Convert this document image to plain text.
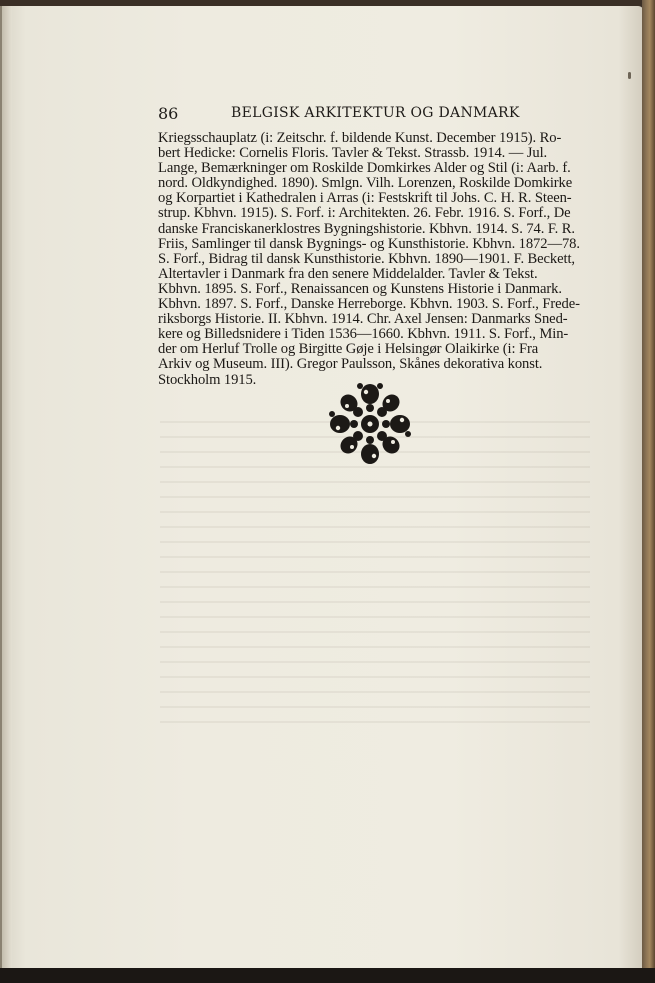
86	BELGISK ARKITEKTUR OG DANMARK

Kriegsschauplatz (i: Zeitschr. f. bildende Kunst. December 1915). Ro-

bert Hedicke: Cornelis Floris. Tavler & Tekst. Strassb. 1914. — Jul.

Lange, Bemærkninger om Roskilde Domkirkes Alder og Stil (i: Aarb. f.

nord. Oldkyndighed. 1890). Smlgn. Vilh. Lorenzen, Roskilde Domkirke

og Korpartiet i Kathedralen i Arras (i: Festskrift til Johs. C. H. R. Steen-

strup. Kbhvn. 1915). S. Forf. i: Architekten. 26. Febr. 1916. S. Forf., De

danske Franciskanerklostres Bygningshistorie. Kbhvn. 1914. S. 74. F. R.

Friis, Samlinger til dansk Bygnings- og Kunsthistorie. Kbhvn. 1872—78.

S. Forf., Bidrag til dansk Kunsthistorie. Kbhvn. 1890—1901. F. Beckett,

Altertavler i Danmark fra den senere Middelalder. Tavler & Tekst.

Kbhvn. 1895. S. Forf., Renaissancen og Kunstens Historie i Danmark.

Kbhvn. 1897. S. Forf., Danske Herreborge. Kbhvn. 1903. S. Forf., Frede-

riksborgs Historie. II. Kbhvn. 1914. Chr. Axel Jensen: Danmarks Sned-

kere og Billedsnidere i Tiden 1536—1660. Kbhvn. 1911. S. Forf., Min-

der om Herluf Trolle og Birgitte Gøje i Helsingør Olaikirke (i: Fra

Arkiv og Museum. III). Gregor Paulsson, Skånes dekorativa konst.

Stockholm 1915.
